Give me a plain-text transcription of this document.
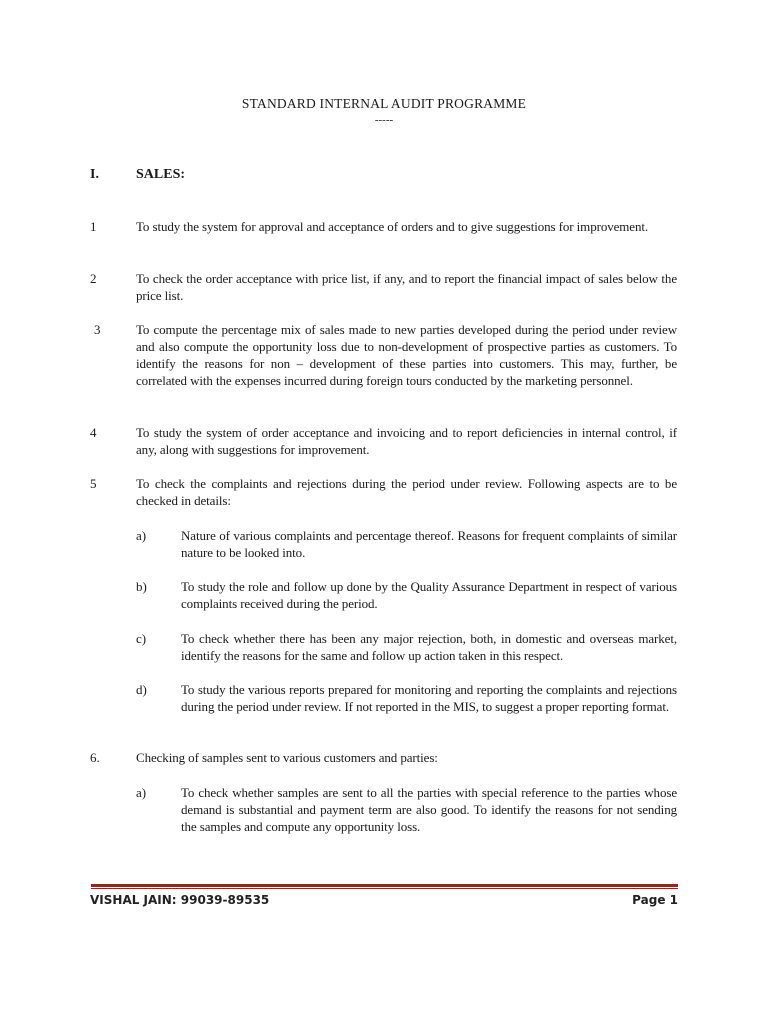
STANDARD INTERNAL AUDIT PROGRAMME
-----
I.	SALES:
1	To study the system for approval and acceptance of orders and to give suggestions for improvement.
2	To check the order acceptance with price list, if any, and to report the financial impact of sales below the price list.
3	To compute the percentage mix of sales made to new parties developed during the period under review and also compute the opportunity loss due to non-development of prospective parties as customers. To identify the reasons for non – development of these parties into customers. This may, further, be correlated with the expenses incurred during foreign tours conducted by the marketing personnel.
4	To study the system of order acceptance and invoicing and to report deficiencies in internal control, if any, along with suggestions for improvement.
5	To check the complaints and rejections during the period under review. Following aspects are to be checked in details:
a)	Nature of various complaints and percentage thereof. Reasons for frequent complaints of similar nature to be looked into.
b)	To study the role and follow up done by the Quality Assurance Department in respect of various complaints received during the period.
c)	To check whether there has been any major rejection, both, in domestic and overseas market, identify the reasons for the same and follow up action taken in this respect.
d)	To study the various reports prepared for monitoring and reporting the complaints and rejections during the period under review. If not reported in the MIS, to suggest a proper reporting format.
6.	Checking of samples sent to various customers and parties:
a)	To check whether samples are sent to all the parties with special reference to the parties whose demand is substantial and payment term are also good. To identify the reasons for not sending the samples and compute any opportunity loss.
VISHAL JAIN: 99039-89535	Page 1
